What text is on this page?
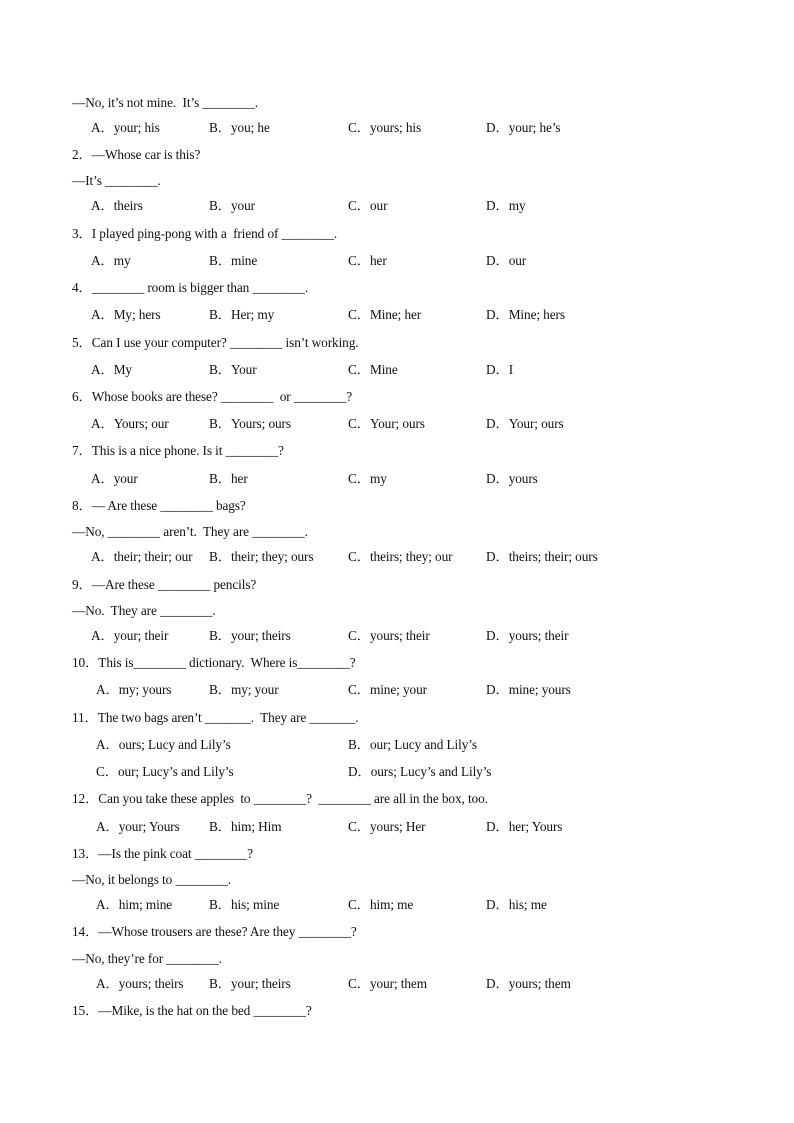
—No, it’s not mine.  It’s ________.
A．your; his	B．you; he	C．yours; his	D．your; he’s
2．—Whose car is this?
—It’s ________.
A．theirs	B．your	C．our	D．my
3．I played ping-pong with a  friend of ________.
A．my	B．mine	C．her	D．our
4．________ room is bigger than ________.
A．My; hers	B．Her; my	C．Mine; her	D．Mine; hers
5．Can I use your computer? ________ isn’t working.
A．My	B．Your	C．Mine	D．I
6．Whose books are these? ________  or ________?
A．Yours; our	B．Yours; ours	C．Your; ours	D．Your; ours
7．This is a nice phone. Is it ________?
A．your	B．her	C．my	D．yours
8．— Are these ________ bags?
—No, ________ aren’t.  They are ________.
A．their; their; our B．their; they; ours	C．theirs; they; our	D．theirs; their; ours
9．—Are these ________ pencils?
—No.  They are ________.
A．your; their	B．your; theirs	C．yours; their	D．yours; their
10．This is________ dictionary.  Where is________?
A．my; yours	B．my; your	C．mine; your	D．mine; yours
11．The two bags aren’t _______.  They are _______.
A．ours; Lucy and Lily’s	B．our; Lucy and Lily’s
C．our; Lucy’s and Lily’s	D．ours; Lucy’s and Lily’s
12．Can you take these apples  to ________?  ________ are all in the box, too.
A．your; Yours B．him; Him	C．yours; Her	D．her; Yours
13．—Is the pink coat ________?
—No, it belongs to ________.
A．him; mine	B．his; mine	C．him; me	D．his; me
14．—Whose trousers are these? Are they ________?
—No, they’re for ________.
A．yours; theirs B．your; theirs	C．your; them	D．yours; them
15．—Mike, is the hat on the bed ________?
